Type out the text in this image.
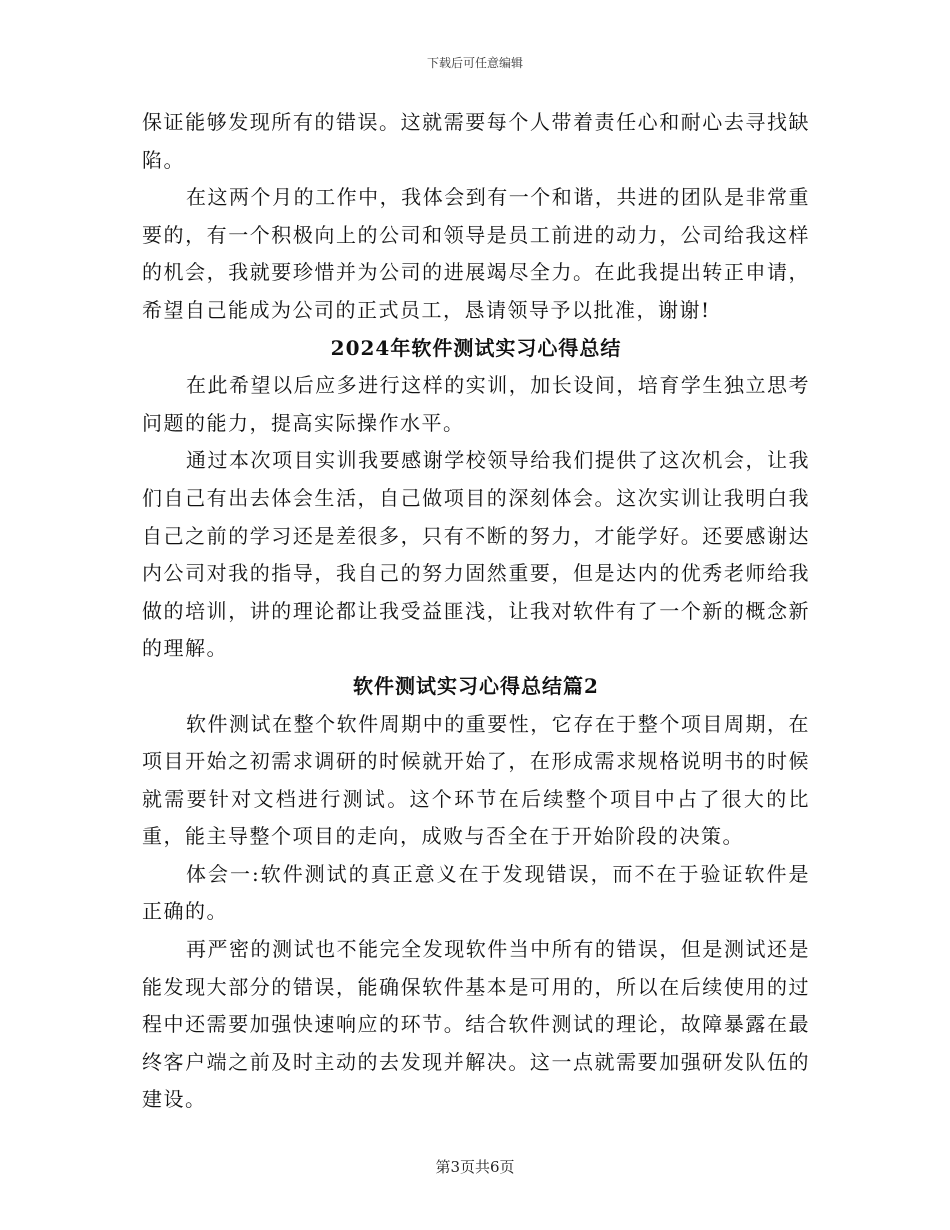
下载后可任意编辑

保证能够发现所有的错误。这就需要每个人带着责任心和耐心去寻找缺陷。

在这两个月的工作中，我体会到有一个和谐，共进的团队是非常重要的，有一个积极向上的公司和领导是员工前进的动力，公司给我这样的机会，我就要珍惜并为公司的进展竭尽全力。在此我提出转正申请，希望自己能成为公司的正式员工，恳请领导予以批准，谢谢!

2024年软件测试实习心得总结

在此希望以后应多进行这样的实训，加长设间，培育学生独立思考问题的能力，提高实际操作水平。

通过本次项目实训我要感谢学校领导给我们提供了这次机会，让我们自己有出去体会生活，自己做项目的深刻体会。这次实训让我明白我自己之前的学习还是差很多，只有不断的努力，才能学好。还要感谢达内公司对我的指导，我自己的努力固然重要，但是达内的优秀老师给我做的培训，讲的理论都让我受益匪浅，让我对软件有了一个新的概念新的理解。

软件测试实习心得总结篇2

软件测试在整个软件周期中的重要性，它存在于整个项目周期，在项目开始之初需求调研的时候就开始了，在形成需求规格说明书的时候就需要针对文档进行测试。这个环节在后续整个项目中占了很大的比重，能主导整个项目的走向，成败与否全在于开始阶段的决策。

体会一:软件测试的真正意义在于发现错误，而不在于验证软件是正确的。

再严密的测试也不能完全发现软件当中所有的错误，但是测试还是能发现大部分的错误，能确保软件基本是可用的，所以在后续使用的过程中还需要加强快速响应的环节。结合软件测试的理论，故障暴露在最终客户端之前及时主动的去发现并解决。这一点就需要加强研发队伍的建设。

第3页共6页
